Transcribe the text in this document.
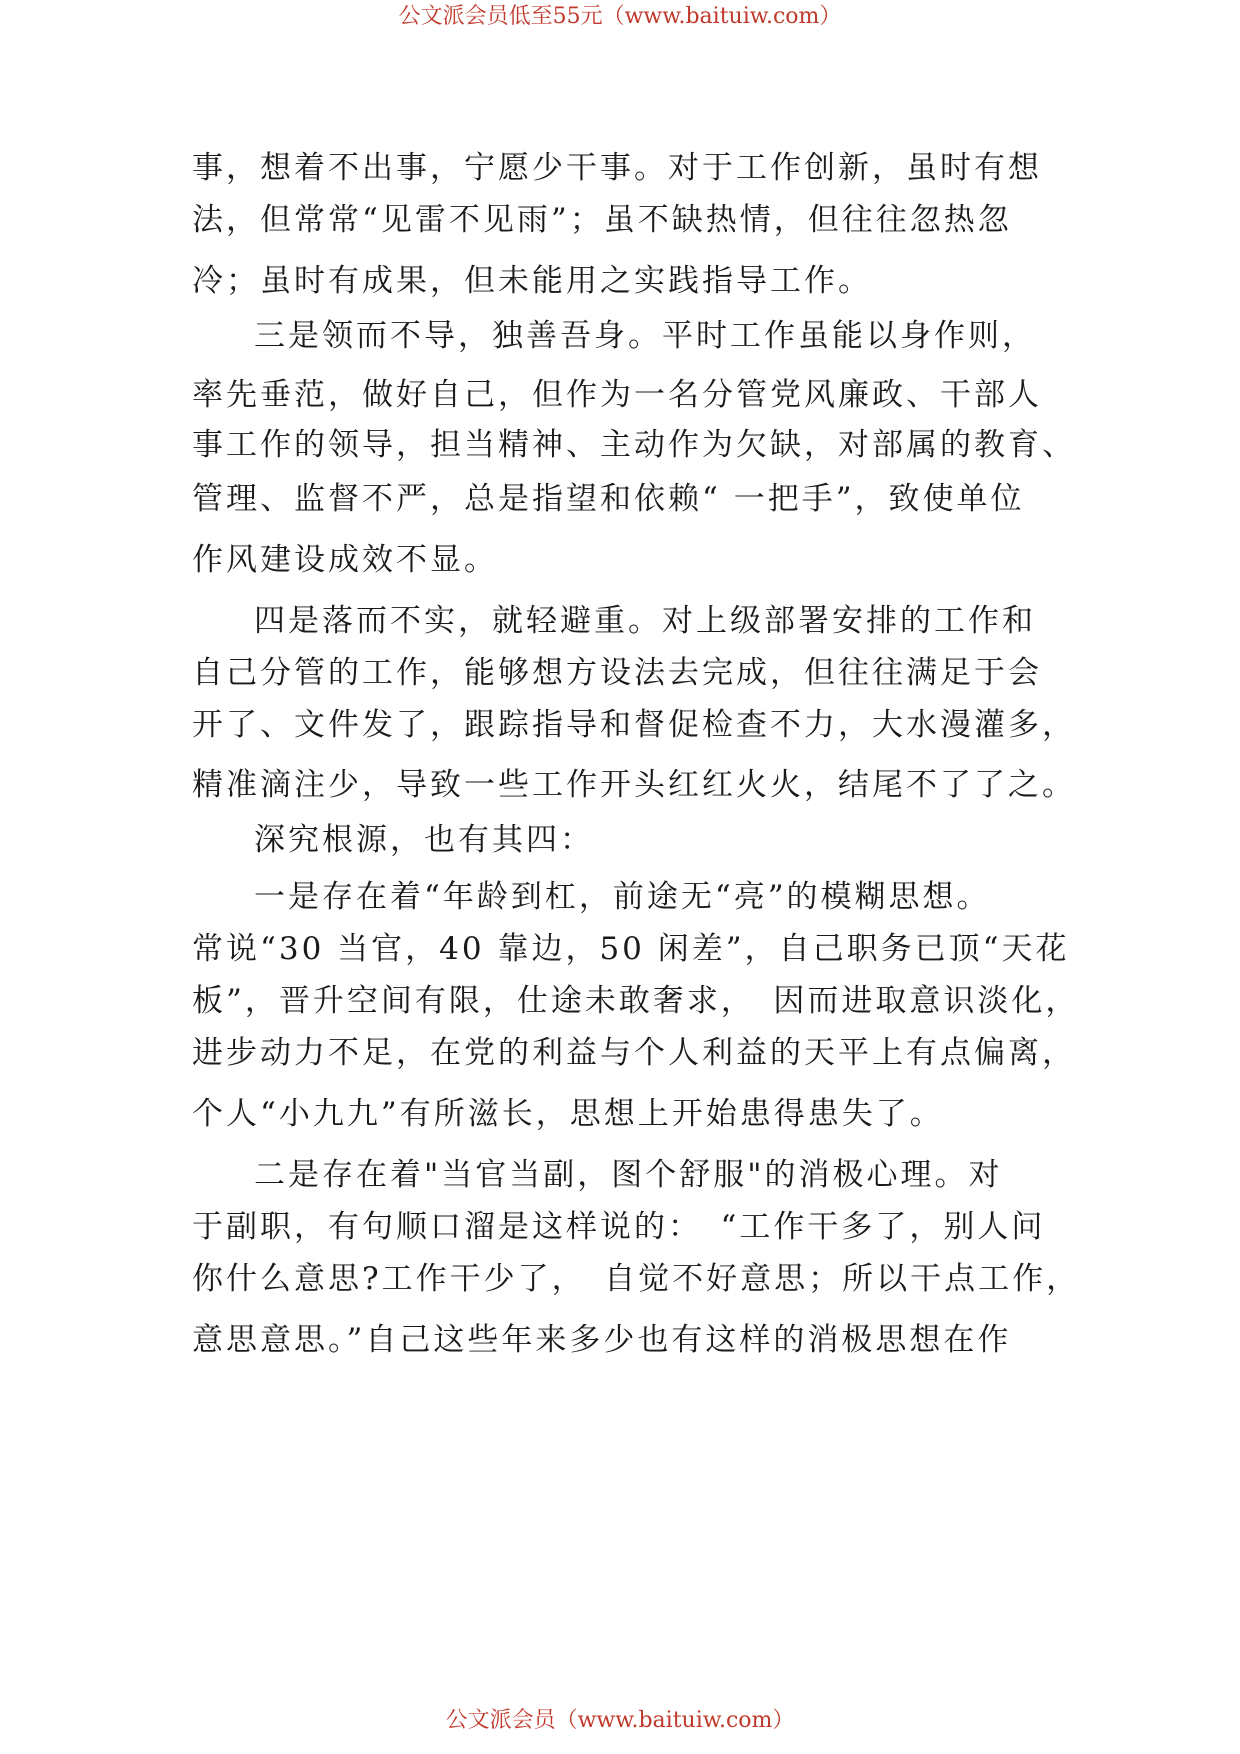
公文派会员低至55元（www.baituiw.com）
事，想着不出事，宁愿少干事。对于工作创新，虽时有想
法，但常常“见雷不见雨”；虽不缺热情，但往往忽热忽
冷；虽时有成果，但未能用之实践指导工作。
三是领而不导，独善吾身。平时工作虽能以身作则，
率先垂范，做好自己，但作为一名分管党风廉政、干部人
事工作的领导，担当精神、主动作为欠缺，对部属的教育、
管理、监督不严，总是指望和依赖“ 一把手”，致使单位
作风建设成效不显。
四是落而不实，就轻避重。对上级部署安排的工作和
自己分管的工作，能够想方设法去完成，但往往满足于会
开了、文件发了，跟踪指导和督促检查不力，大水漫灌多，
精准滴注少，导致一些工作开头红红火火，结尾不了了之。
深究根源，也有其四：
一是存在着“年龄到杠，前途无“亮”的模糊思想。
常说“30 当官，40 靠边，50 闲差”，自己职务已顶“天花
板”，晋升空间有限，仕途未敢奢求，　因而进取意识淡化，
进步动力不足，在党的利益与个人利益的天平上有点偏离，
个人“小九九”有所滋长，思想上开始患得患失了。
二是存在着"当官当副，图个舒服"的消极心理。对
于副职，有句顺口溜是这样说的：　“工作干多了，别人问
你什么意思?工作干少了，　自觉不好意思；所以干点工作，
意思意思。”自己这些年来多少也有这样的消极思想在作
公文派会员（www.baituiw.com）
